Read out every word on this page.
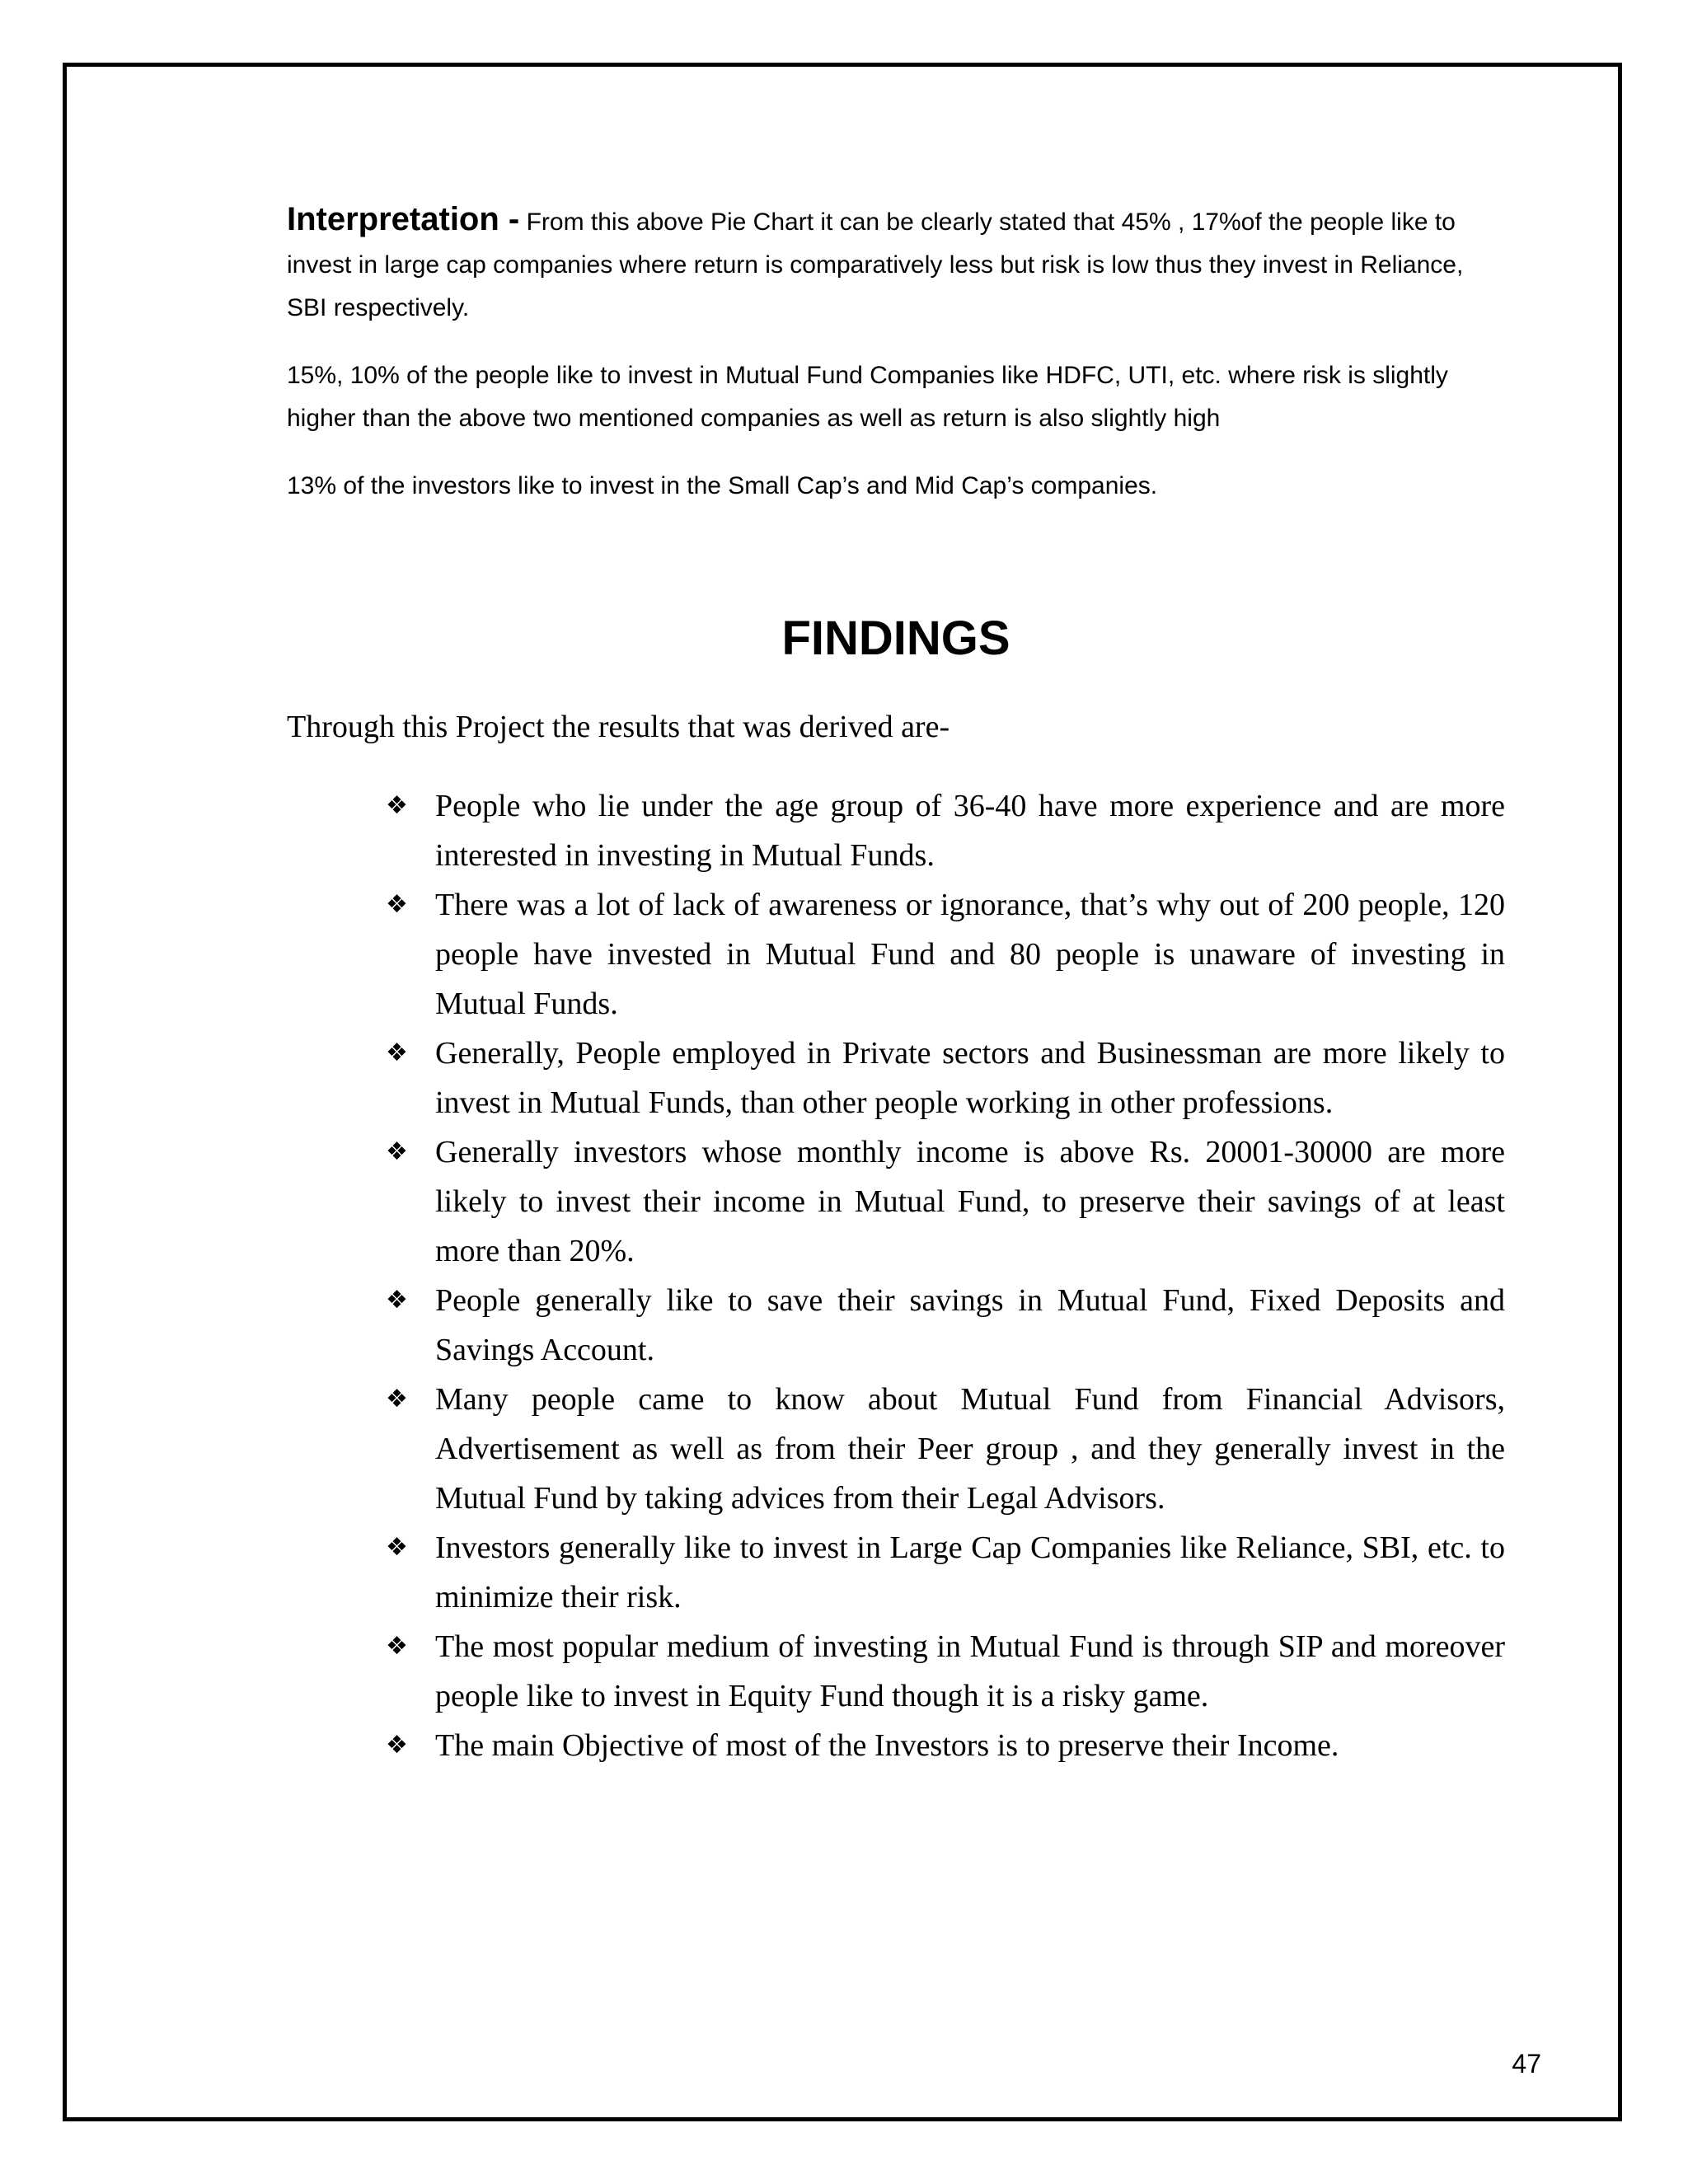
Interpretation - From this above Pie Chart it can be clearly stated that 45% , 17%of the people like to invest in large cap companies where return is comparatively less but risk is low thus they invest in Reliance, SBI respectively.

15%, 10% of the people like to invest in Mutual Fund Companies like HDFC, UTI, etc. where risk is slightly higher than the above two mentioned companies as well as return is also slightly high

13% of the investors like to invest in the Small Cap’s and Mid Cap’s companies.

FINDINGS

Through this Project the results that was derived are-

❖ People who lie under the age group of 36-40 have more experience and are more interested in investing in Mutual Funds.
❖ There was a lot of lack of awareness or ignorance, that’s why out of 200 people, 120 people have invested in Mutual Fund and 80 people is unaware of investing in Mutual Funds.
❖ Generally, People employed in Private sectors and Businessman are more likely to invest in Mutual Funds, than other people working in other professions.
❖ Generally investors whose monthly income is above Rs. 20001-30000 are more likely to invest their income in Mutual Fund, to preserve their savings of at least more than 20%.
❖ People generally like to save their savings in Mutual Fund, Fixed Deposits and Savings Account.
❖ Many people came to know about Mutual Fund from Financial Advisors, Advertisement as well as from their Peer group , and they generally invest in the Mutual Fund by taking advices from their Legal Advisors.
❖ Investors generally like to invest in Large Cap Companies like Reliance, SBI, etc. to minimize their risk.
❖ The most popular medium of investing in Mutual Fund is through SIP and moreover people like to invest in Equity Fund though it is a risky game.
❖ The main Objective of most of the Investors is to preserve their Income.
47
